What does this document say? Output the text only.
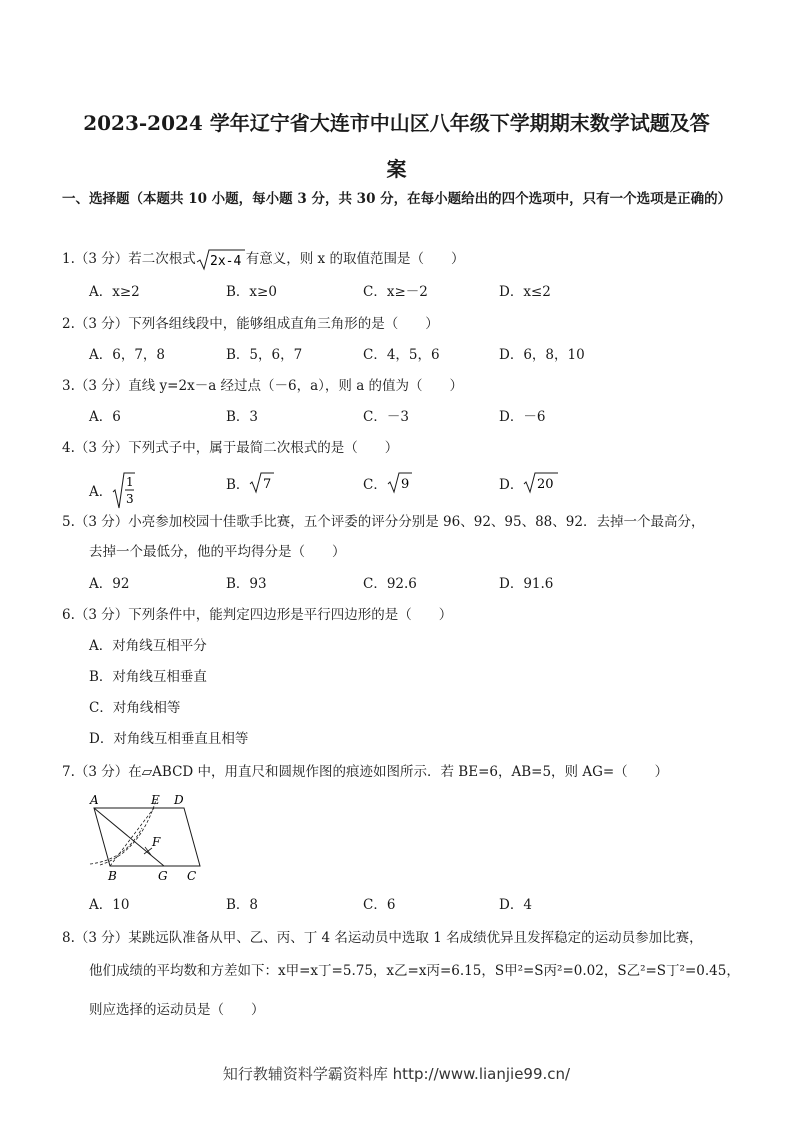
2023-2024 学年辽宁省大连市中山区八年级下学期期末数学试题及答
案
一、选择题（本题共 10 小题，每小题 3 分，共 30 分，在每小题给出的四个选项中，只有一个选项是正确的）
1.（3 分）若二次根式 2x-4 有意义，则 x 的取值范围是（　　）
A．x≥2	B．x≥0	C．x≥－2	D．x≤2
2.（3 分）下列各组线段中，能够组成直角三角形的是（　　）
A．6，7，8	B．5，6，7	C．4，5，6	D．6，8，10
3.（3 分）直线 y=2x－a 经过点（－6，a），则 a 的值为（　　）
A．6	B．3	C．－3	D．－6
4.（3 分）下列式子中，属于最简二次根式的是（　　）
A．
1
3
B． 7	C． 9	D． 20
5.（3 分）小亮参加校园十佳歌手比赛，五个评委的评分分别是 96、92、95、88、92．去掉一个最高分，
去掉一个最低分，他的平均得分是（　　）
A．92	B．93	C．92.6	D．91.6
6.（3 分）下列条件中，能判定四边形是平行四边形的是（　　）
A．对角线互相平分
B．对角线互相垂直
C．对角线相等
D．对角线互相垂直且相等
7.（3 分）在▱ABCD 中，用直尺和圆规作图的痕迹如图所示．若 BE=6，AB=5，则 AG=（　　）
A	E D
F
B	G C
A．10	B．8	C．6	D．4
8.（3 分）某跳远队准备从甲、乙、丙、丁 4 名运动员中选取 1 名成绩优异且发挥稳定的运动员参加比赛，
他们成绩的平均数和方差如下：x甲=x丁=5.75，x乙=x丙=6.15，S甲²=S丙²=0.02，S乙²=S丁²=0.45，
则应选择的运动员是（　　）
知行教辅资料学霸资料库 http://www.lianjie99.cn/
